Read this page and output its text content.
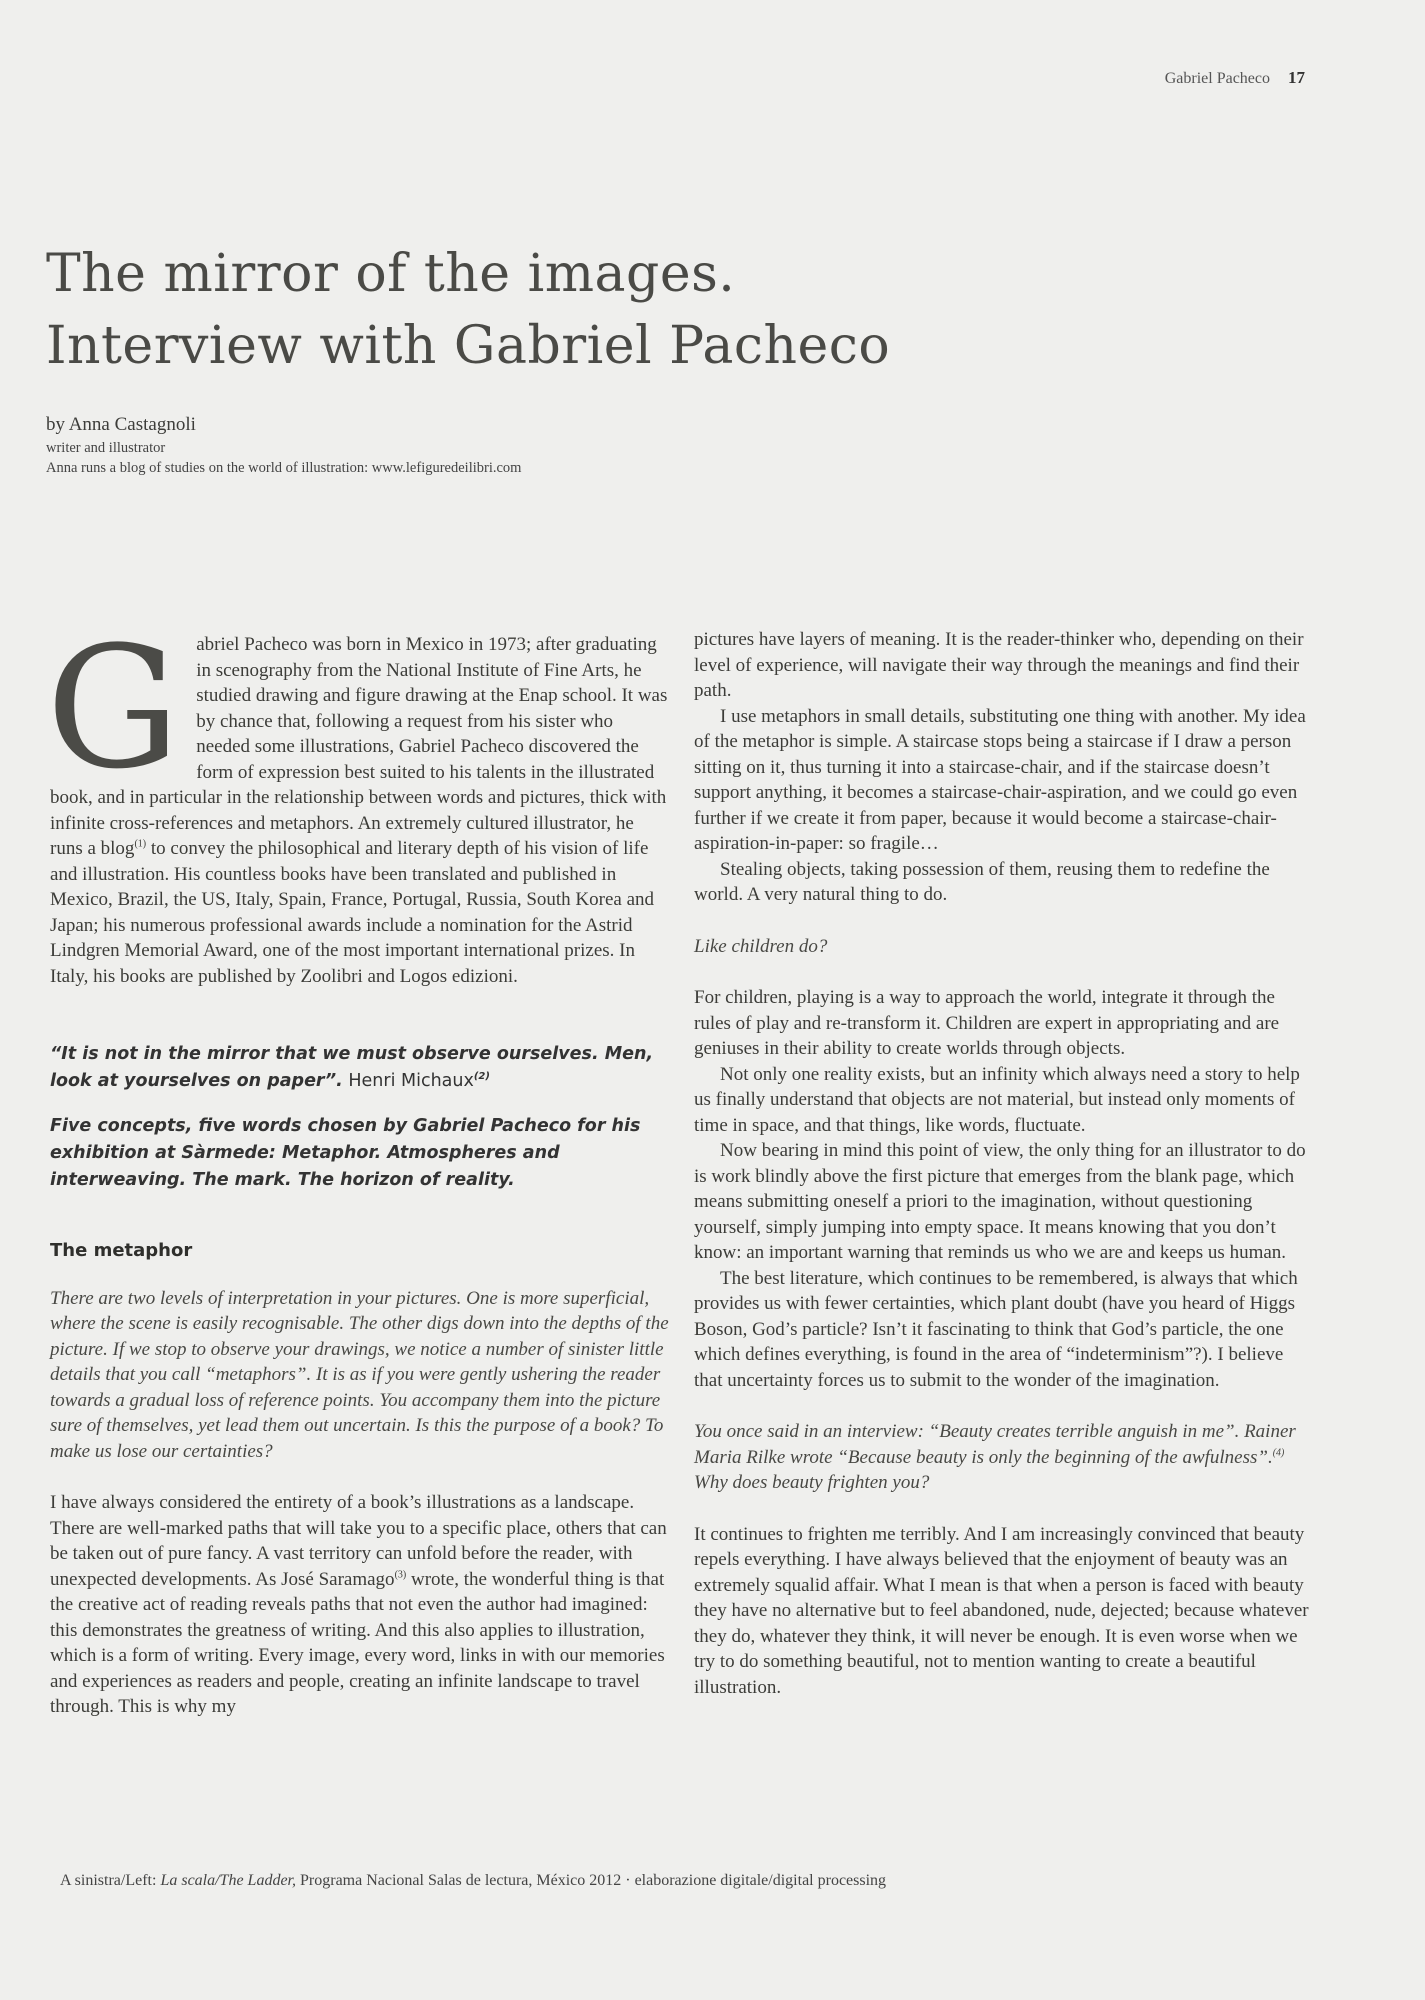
Gabriel Pacheco 17
The mirror of the images.
Interview with Gabriel Pacheco
by Anna Castagnoli
writer and illustrator
Anna runs a blog of studies on the world of illustration: www.lefiguredeilibri.com

Gabriel Pacheco was born in Mexico in 1973; after graduating in scenography from the National Institute of Fine Arts, he studied drawing and figure drawing at the Enap school. It was by chance that, following a request from his sister who needed some illustrations, Gabriel Pacheco discovered the form of expression best suited to his talents in the illustrated book, and in particular in the relationship between words and pictures, thick with infinite cross-references and metaphors. An extremely cultured illustrator, he runs a blog$^{(1)}$ to convey the philosophical and literary depth of his vision of life and illustration. His countless books have been translated and published in Mexico, Brazil, the US, Italy, Spain, France, Portugal, Russia, South Korea and Japan; his numerous professional awards include a nomination for the Astrid Lindgren Memorial Award, one of the most important international prizes. In Italy, his books are published by Zoolibri and Logos edizioni.

“It is not in the mirror that we must observe ourselves. Men, look at yourselves on paper”. Henri Michaux$^{(2)}$

Five concepts, five words chosen by Gabriel Pacheco for his exhibition at Sàrmede: Metaphor. Atmospheres and interweaving. The mark. The horizon of reality.

The metaphor

There are two levels of interpretation in your pictures. One is more superficial, where the scene is easily recognisable. The other digs down into the depths of the picture. If we stop to observe your drawings, we notice a number of sinister little details that you call “metaphors”. It is as if you were gently ushering the reader towards a gradual loss of reference points. You accompany them into the picture sure of themselves, yet lead them out uncertain. Is this the purpose of a book? To make us lose our certainties?

I have always considered the entirety of a book’s illustrations as a landscape. There are well-marked paths that will take you to a specific place, others that can be taken out of pure fancy. A vast territory can unfold before the reader, with unexpected developments. As José Saramago$^{(3)}$ wrote, the wonderful thing is that the creative act of reading reveals paths that not even the author had imagined: this demonstrates the greatness of writing. And this also applies to illustration, which is a form of writing. Every image, every word, links in with our memories and experiences as readers and people, creating an infinite landscape to travel through. This is why my

pictures have layers of meaning. It is the reader-thinker who, depending on their level of experience, will navigate their way through the meanings and find their path.

I use metaphors in small details, substituting one thing with another. My idea of the metaphor is simple. A staircase stops being a staircase if I draw a person sitting on it, thus turning it into a staircase-chair, and if the staircase doesn’t support anything, it becomes a staircase-chair-aspiration, and we could go even further if we create it from paper, because it would become a staircase-chair-aspiration-in-paper: so fragile…

Stealing objects, taking possession of them, reusing them to redefine the world. A very natural thing to do.

Like children do?

For children, playing is a way to approach the world, integrate it through the rules of play and re-transform it. Children are expert in appropriating and are geniuses in their ability to create worlds through objects.

Not only one reality exists, but an infinity which always need a story to help us finally understand that objects are not material, but instead only moments of time in space, and that things, like words, fluctuate.

Now bearing in mind this point of view, the only thing for an illustrator to do is work blindly above the first picture that emerges from the blank page, which means submitting oneself a priori to the imagination, without questioning yourself, simply jumping into empty space. It means knowing that you don’t know: an important warning that reminds us who we are and keeps us human.

The best literature, which continues to be remembered, is always that which provides us with fewer certainties, which plant doubt (have you heard of Higgs Boson, God’s particle? Isn’t it fascinating to think that God’s particle, the one which defines everything, is found in the area of “indeterminism”?). I believe that uncertainty forces us to submit to the wonder of the imagination.

You once said in an interview: “Beauty creates terrible anguish in me”. Rainer Maria Rilke wrote “Because beauty is only the beginning of the awfulness”.$^{(4)}$ Why does beauty frighten you?

It continues to frighten me terribly. And I am increasingly convinced that beauty repels everything. I have always believed that the enjoyment of beauty was an extremely squalid affair. What I mean is that when a person is faced with beauty they have no alternative but to feel abandoned, nude, dejected; because whatever they do, whatever they think, it will never be enough. It is even worse when we try to do something beautiful, not to mention wanting to create a beautiful illustration.

A sinistra/Left: La scala/The Ladder, Programa Nacional Salas de lectura, México 2012 · elaborazione digitale/digital processing
